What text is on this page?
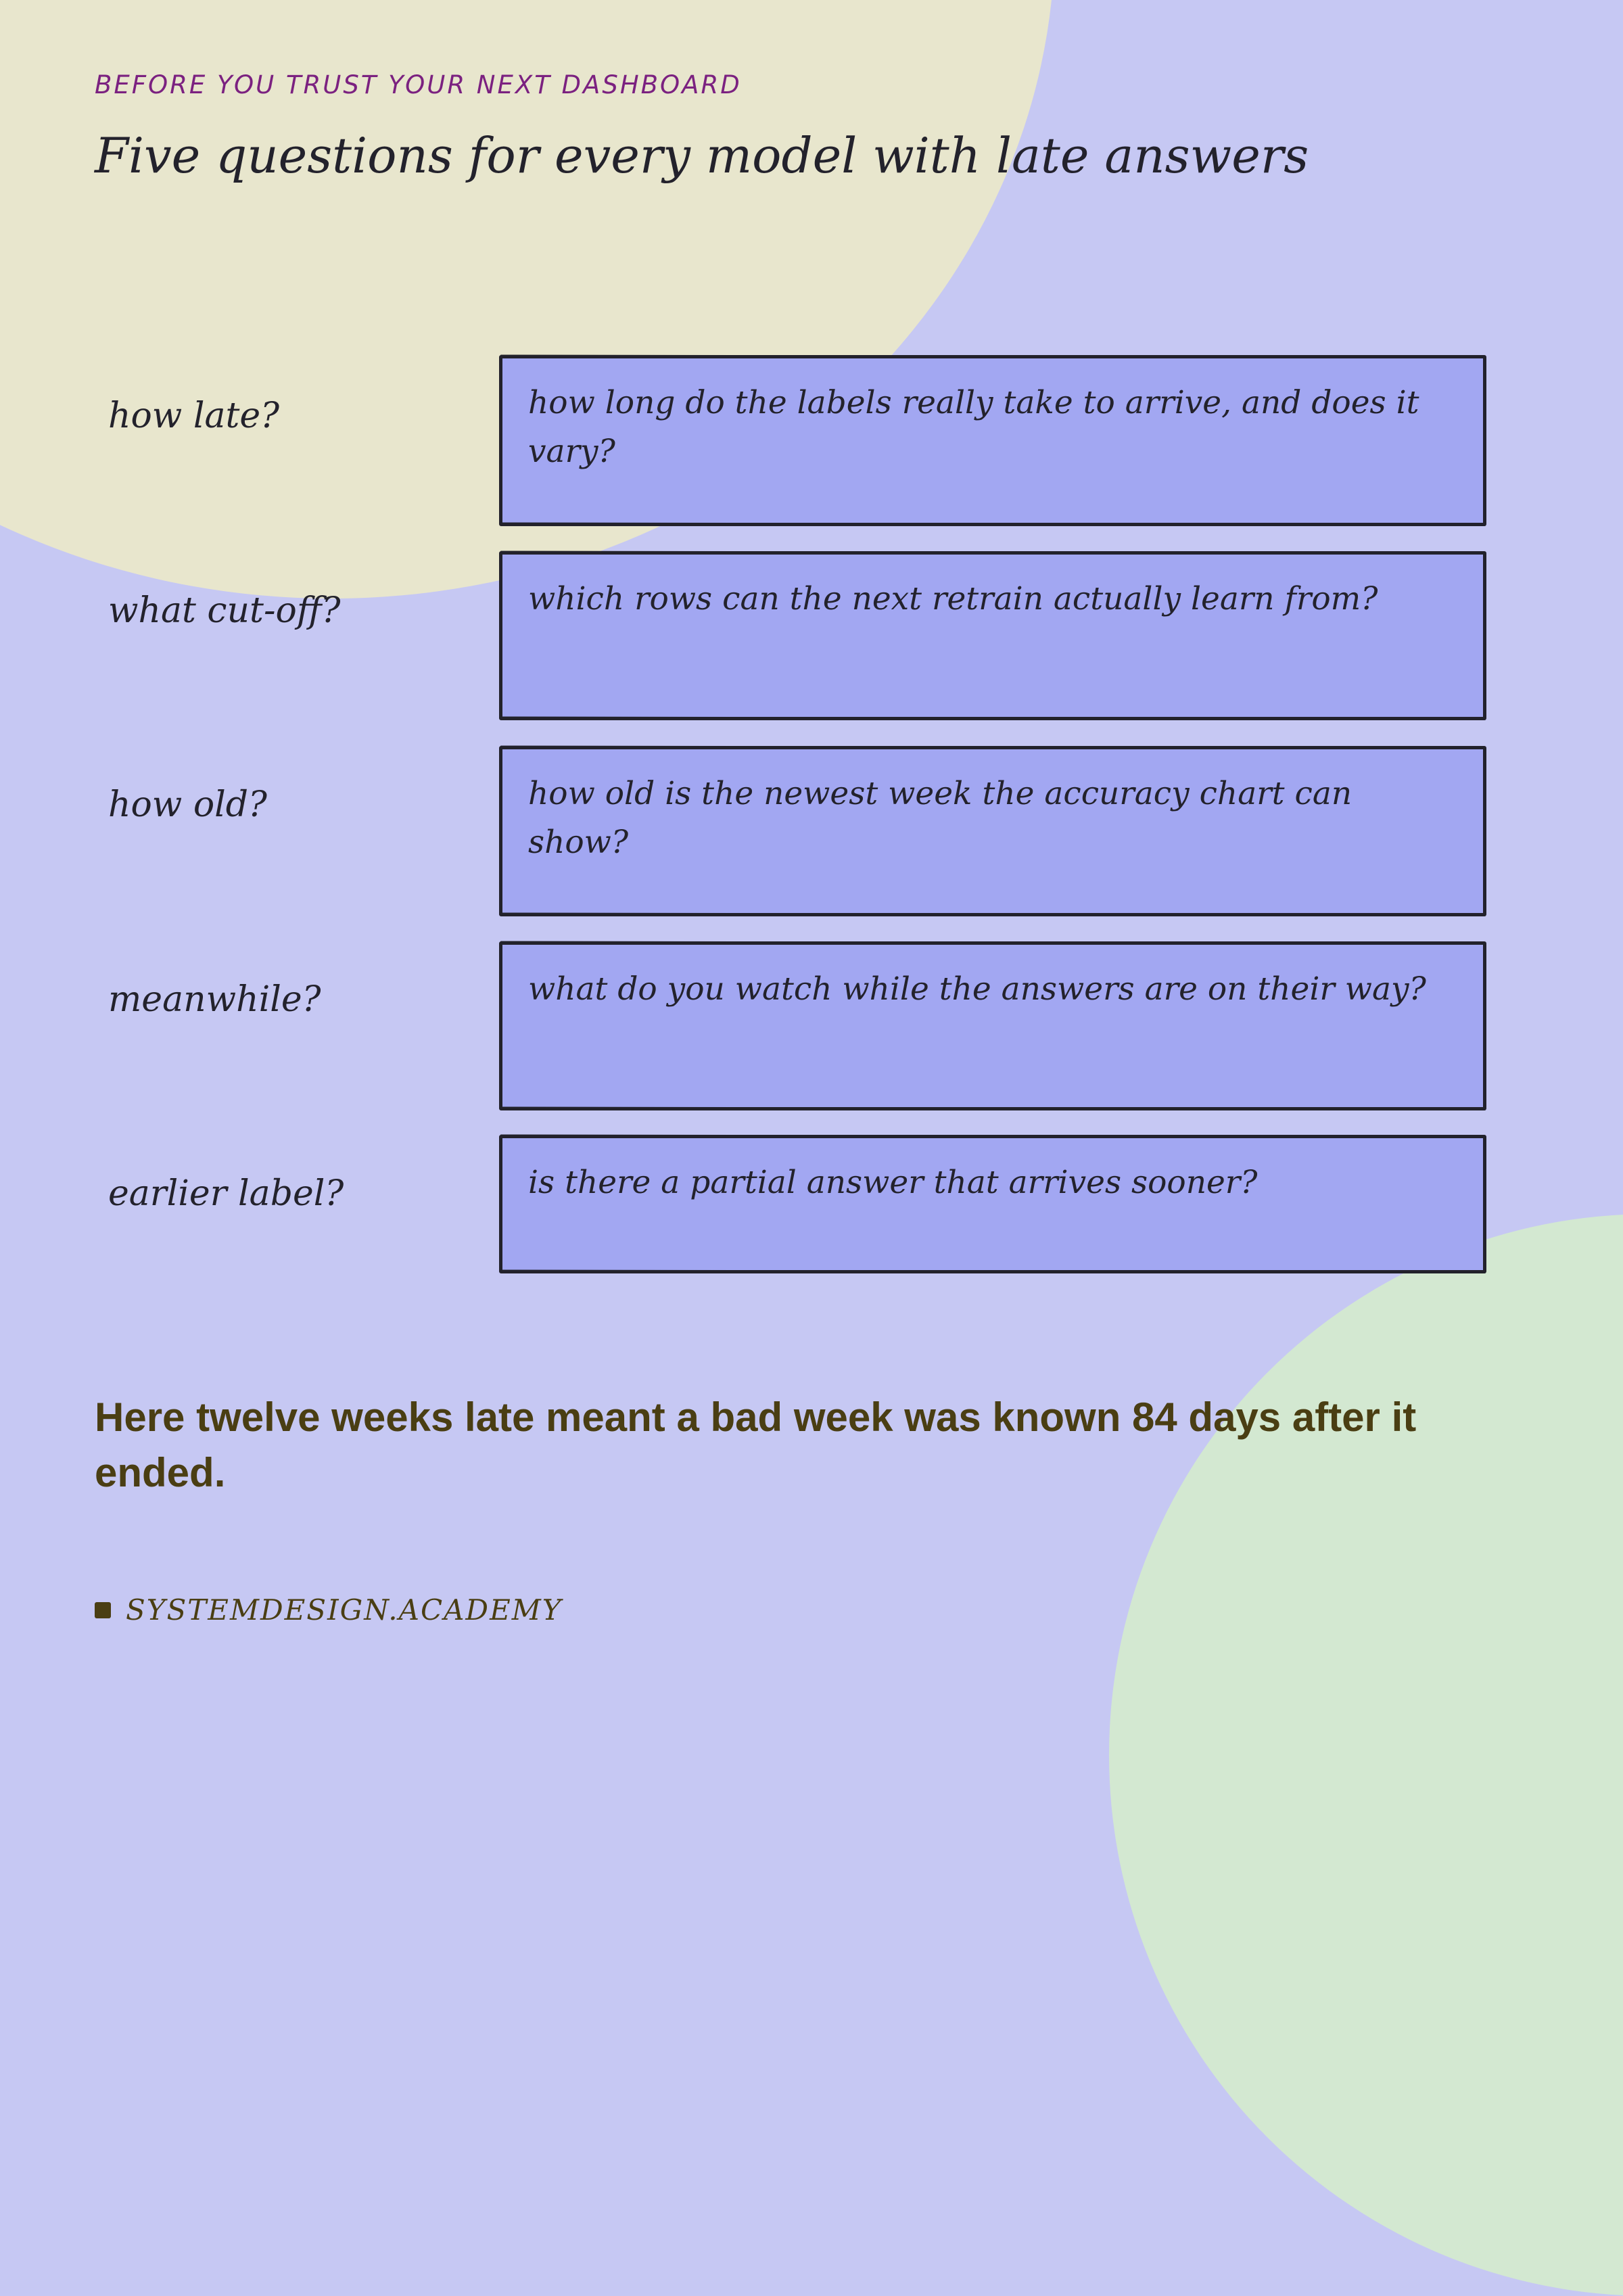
BEFORE YOU TRUST YOUR NEXT DASHBOARD

Five questions for every model with late answers

how late?	how long do the labels really take to arrive, and does it vary?

what cut-off?	which rows can the next retrain actually learn from?

how old?	how old is the newest week the accuracy chart can show?

meanwhile?	what do you watch while the answers are on their way?

earlier label?	is there a partial answer that arrives sooner?

Here twelve weeks late meant a bad week was known 84 days after it ended.

SYSTEMDESIGN.ACADEMY
